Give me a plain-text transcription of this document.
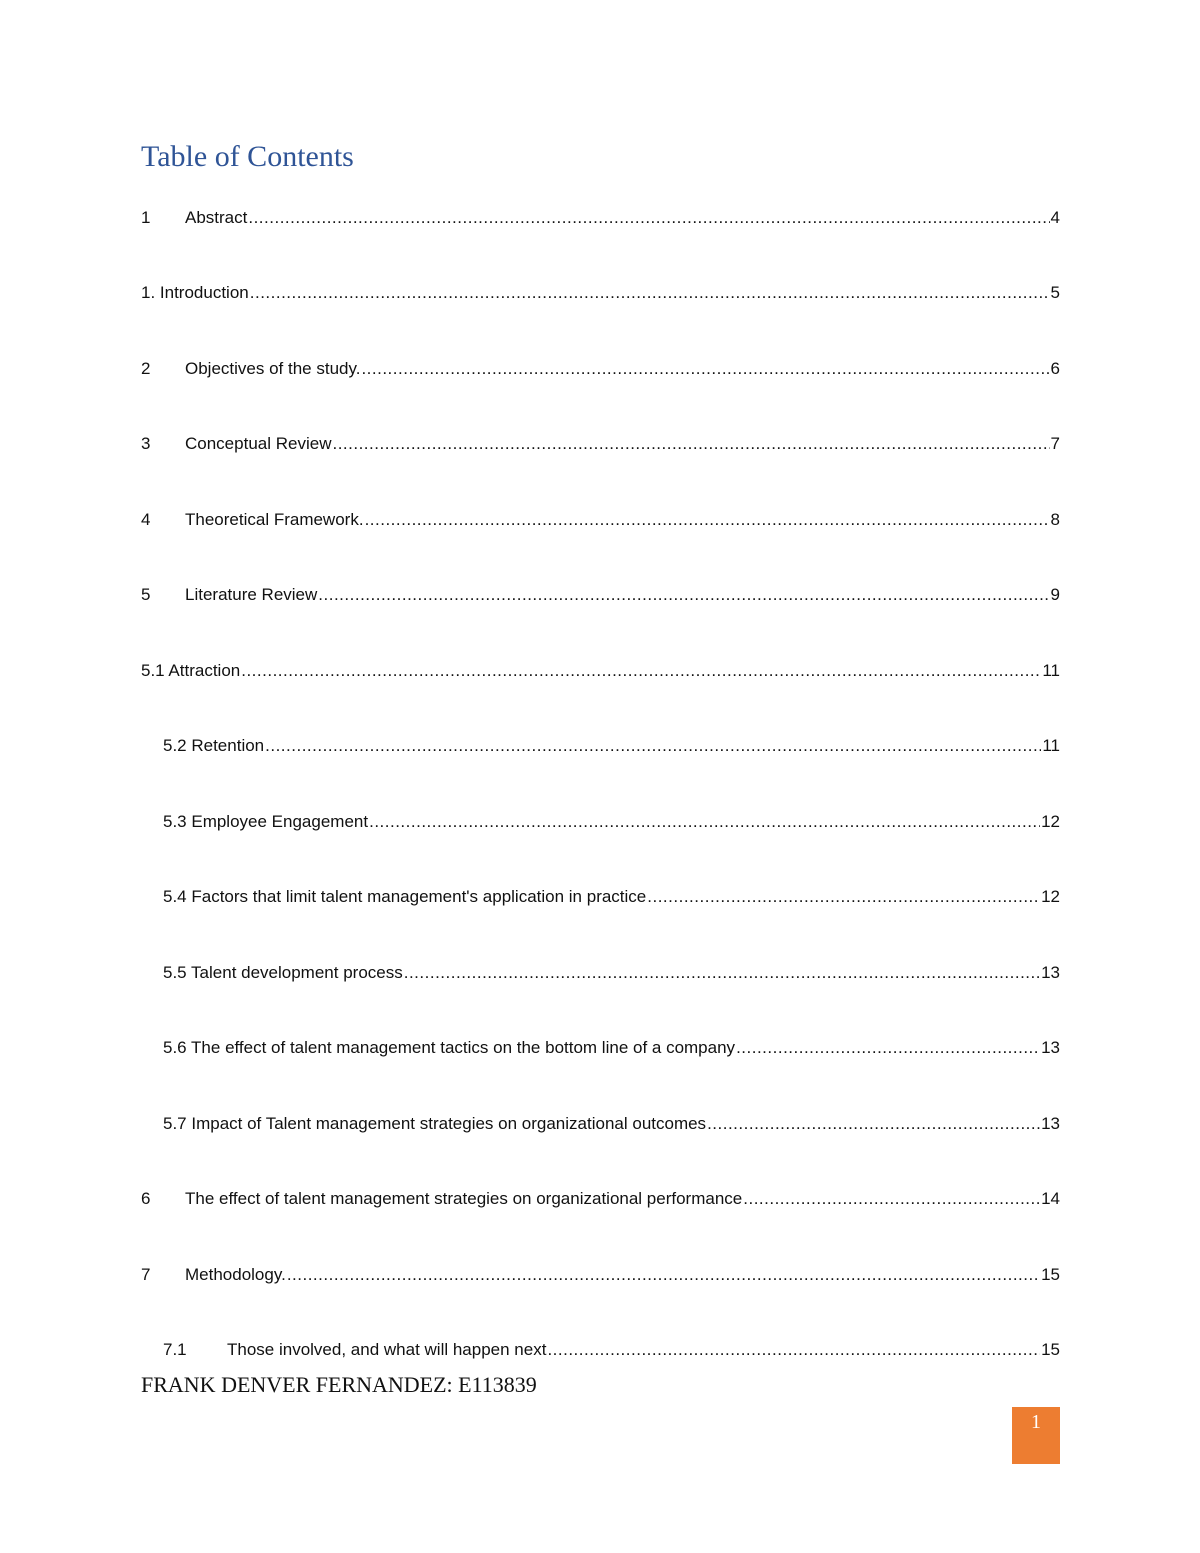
Table of Contents
1	Abstract .....	4
1. Introduction .....	5
2	Objectives of the study. .....	6
3	Conceptual Review .....	7
4	Theoretical Framework. .....	8
5	Literature Review .....	9
5.1 Attraction .....	11
5.2 Retention .....	11
5.3 Employee Engagement .....	12
5.4 Factors that limit talent management's application in practice .....	12
5.5 Talent development process .....	13
5.6 The effect of talent management tactics on the bottom line of a company .....	13
5.7 Impact of Talent management strategies on organizational outcomes .....	13
6	The effect of talent management strategies on organizational performance .....	14
7	Methodology. .....	15
7.1	Those involved, and what will happen next .....	15
FRANK DENVER FERNANDEZ: E113839
1
